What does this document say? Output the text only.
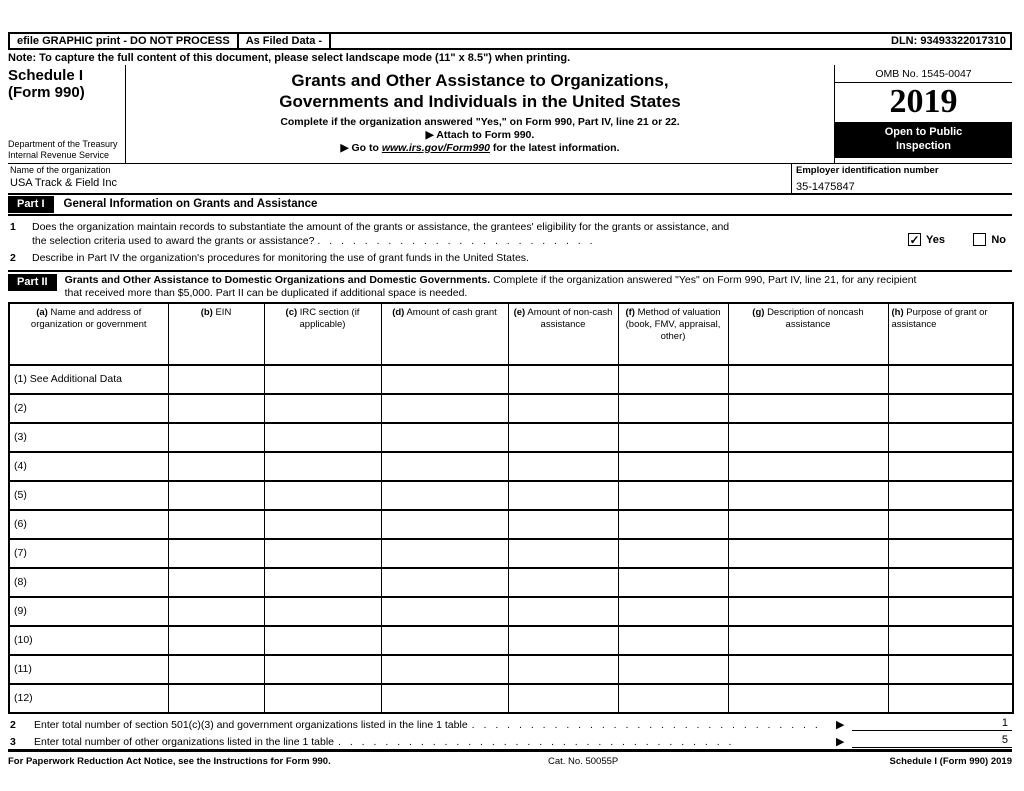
efile GRAPHIC print - DO NOT PROCESS	As Filed Data -	DLN: 93493322017310
Note: To capture the full content of this document, please select landscape mode (11" x 8.5") when printing.
Schedule I
(Form 990)
Department of the Treasury
Internal Revenue Service
Grants and Other Assistance to Organizations,
Governments and Individuals in the United States
Complete if the organization answered "Yes," on Form 990, Part IV, line 21 or 22.
▶ Attach to Form 990.
▶ Go to www.irs.gov/Form990 for the latest information.
OMB No. 1545-0047
2019
Open to Public
Inspection
Name of the organization
USA Track & Field Inc
Employer identification number
35-1475847
Part I	General Information on Grants and Assistance
1	Does the organization maintain records to substantiate the amount of the grants or assistance, the grantees' eligibility for the grants or assistance, and
the selection criteria used to award the grants or assistance? . . . . . . . . . . . . . . . . . . . . . . . .	✓ Yes	No
2	Describe in Part IV the organization's procedures for monitoring the use of grant funds in the United States.
Part II	Grants and Other Assistance to Domestic Organizations and Domestic Governments. Complete if the organization answered "Yes" on Form 990, Part IV, line 21, for any recipient
that received more than $5,000. Part II can be duplicated if additional space is needed.
(a) Name and address of organization or government	(b) EIN	(c) IRC section (if applicable)	(d) Amount of cash grant	(e) Amount of non-cash assistance	(f) Method of valuation (book, FMV, appraisal, other)	(g) Description of noncash assistance	(h) Purpose of grant or assistance
(1) See Additional Data							
(2)							
(3)							
(4)							
(5)							
(6)							
(7)							
(8)							
(9)							
(10)							
(11)							
(12)							
2	Enter total number of section 501(c)(3) and government organizations listed in the line 1 table . . . . . . . . . . . . . . . . . . . . . . . . . . . . . .	▶	1
3	Enter total number of other organizations listed in the line 1 table . . . . . . . . . . . . . . . . . . . . . . . . . . . . . . . . . .	▶	5
For Paperwork Reduction Act Notice, see the Instructions for Form 990.	Cat. No. 50055P	Schedule I (Form 990) 2019
